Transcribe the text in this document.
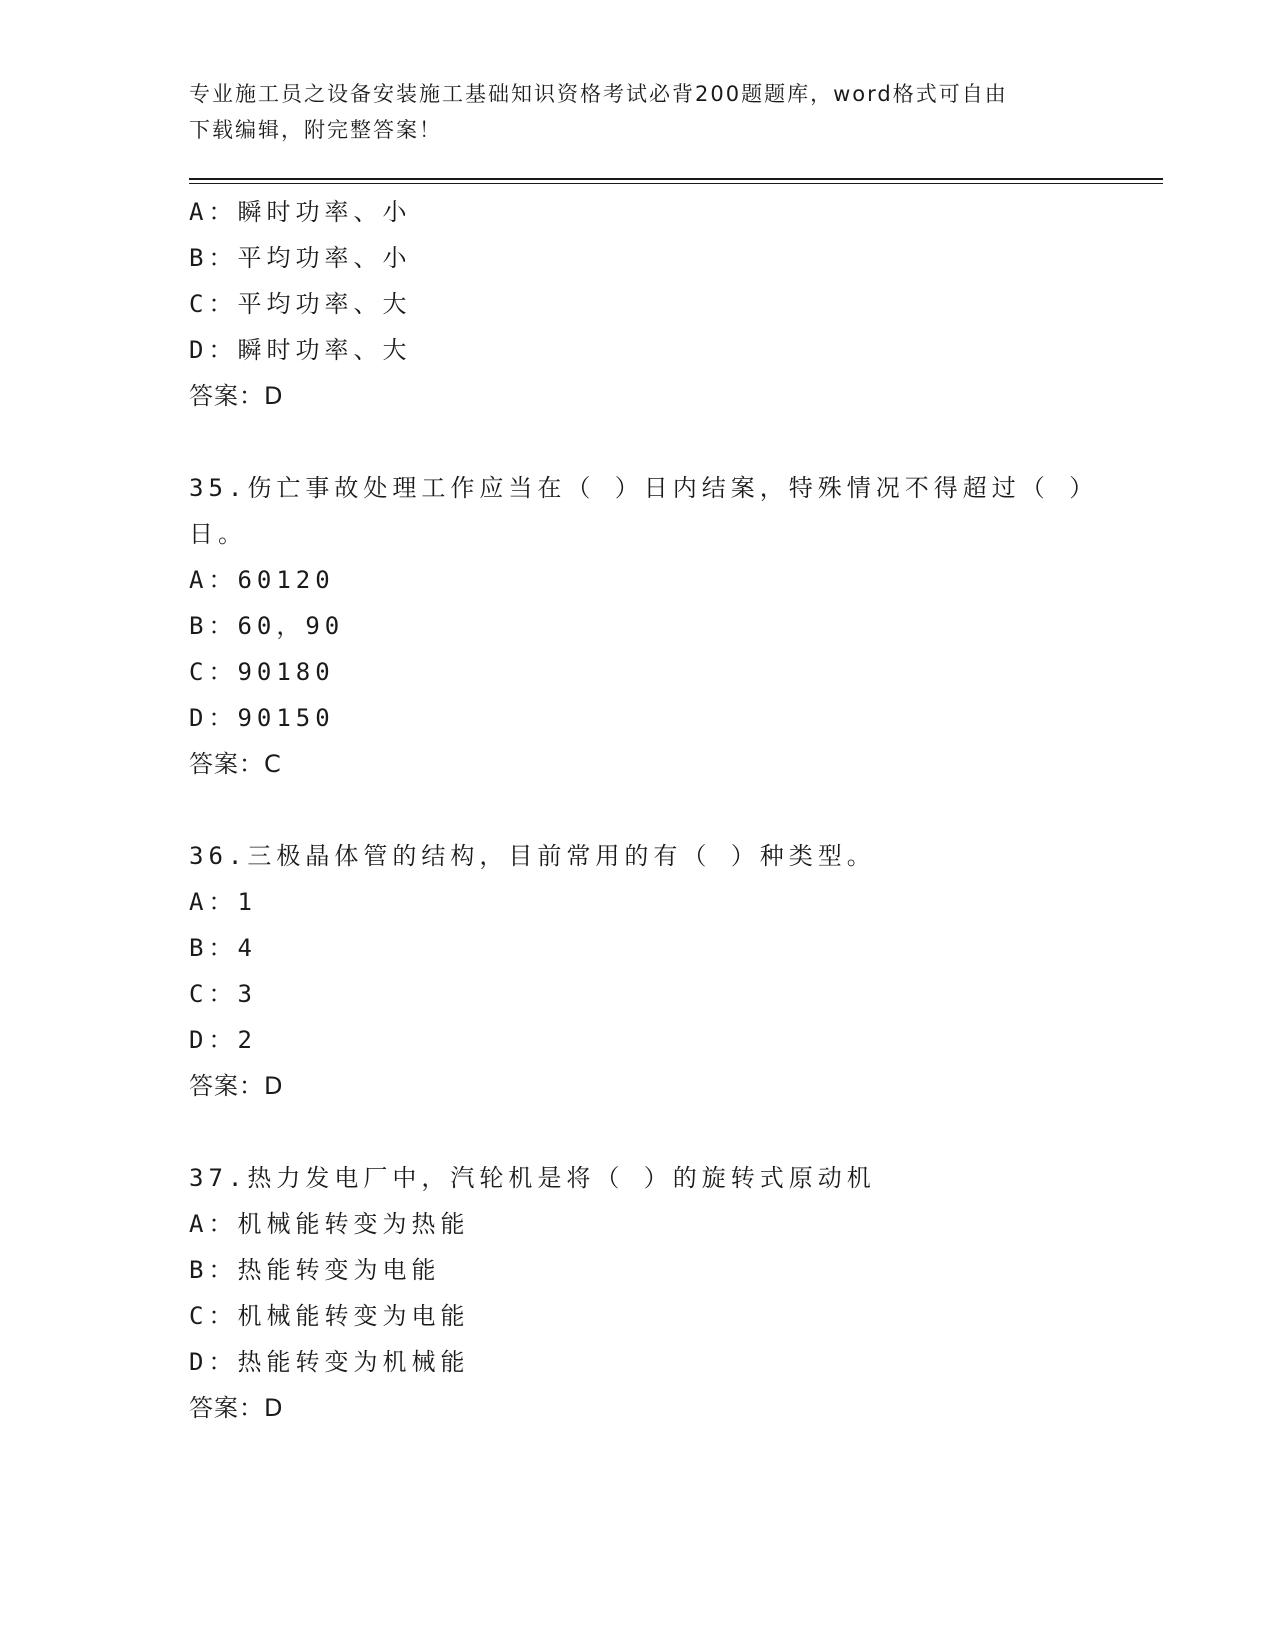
专业施工员之设备安装施工基础知识资格考试必背200题题库，word格式可自由
下载编辑，附完整答案！
A：瞬时功率、小
B：平均功率、小
C：平均功率、大
D：瞬时功率、大
答案：D
35.伤亡事故处理工作应当在（ ）日内结案，特殊情况不得超过（ ）
日。
A：60120
B：60，90
C：90180
D：90150
答案：C
36.三极晶体管的结构，目前常用的有（ ）种类型。
A：1
B：4
C：3
D：2
答案：D
37.热力发电厂中，汽轮机是将（ ）的旋转式原动机
A：机械能转变为热能
B：热能转变为电能
C：机械能转变为电能
D：热能转变为机械能
答案：D
